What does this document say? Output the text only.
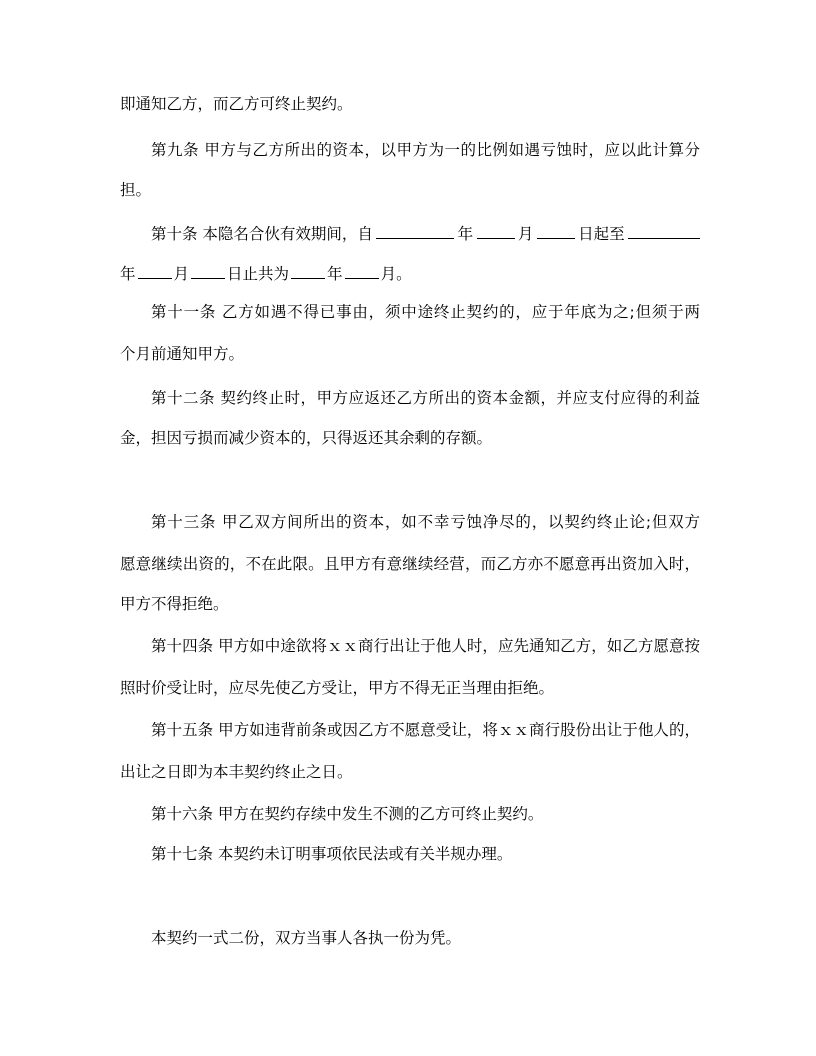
即通知乙方，而乙方可终止契约。
第九条 甲方与乙方所出的资本，以甲方为一的比例如遇亏蚀时，应以此计算分
担。
第十条 本隐名合伙有效期间，自	年	月	日起至
年 月 日止共为 年 月。
第十一条 乙方如遇不得已事由，须中途终止契约的，应于年底为之;但须于两
个月前通知甲方。
第十二条 契约终止时，甲方应返还乙方所出的资本金额，并应支付应得的利益
金，担因亏损而减少资本的，只得返还其余剩的存额。
第十三条 甲乙双方间所出的资本，如不幸亏蚀净尽的，以契约终止论;但双方
愿意继续出资的，不在此限。且甲方有意继续经营，而乙方亦不愿意再出资加入时，
甲方不得拒绝。
第十四条 甲方如中途欲将ｘｘ商行出让于他人时，应先通知乙方，如乙方愿意按
照时价受让时，应尽先使乙方受让，甲方不得无正当理由拒绝。
第十五条 甲方如违背前条或因乙方不愿意受让，将ｘｘ商行股份出让于他人的，
出让之日即为本丰契约终止之日。
第十六条 甲方在契约存续中发生不测的乙方可终止契约。
第十七条 本契约未订明事项依民法或有关半规办理。
本契约一式二份，双方当事人各执一份为凭。
